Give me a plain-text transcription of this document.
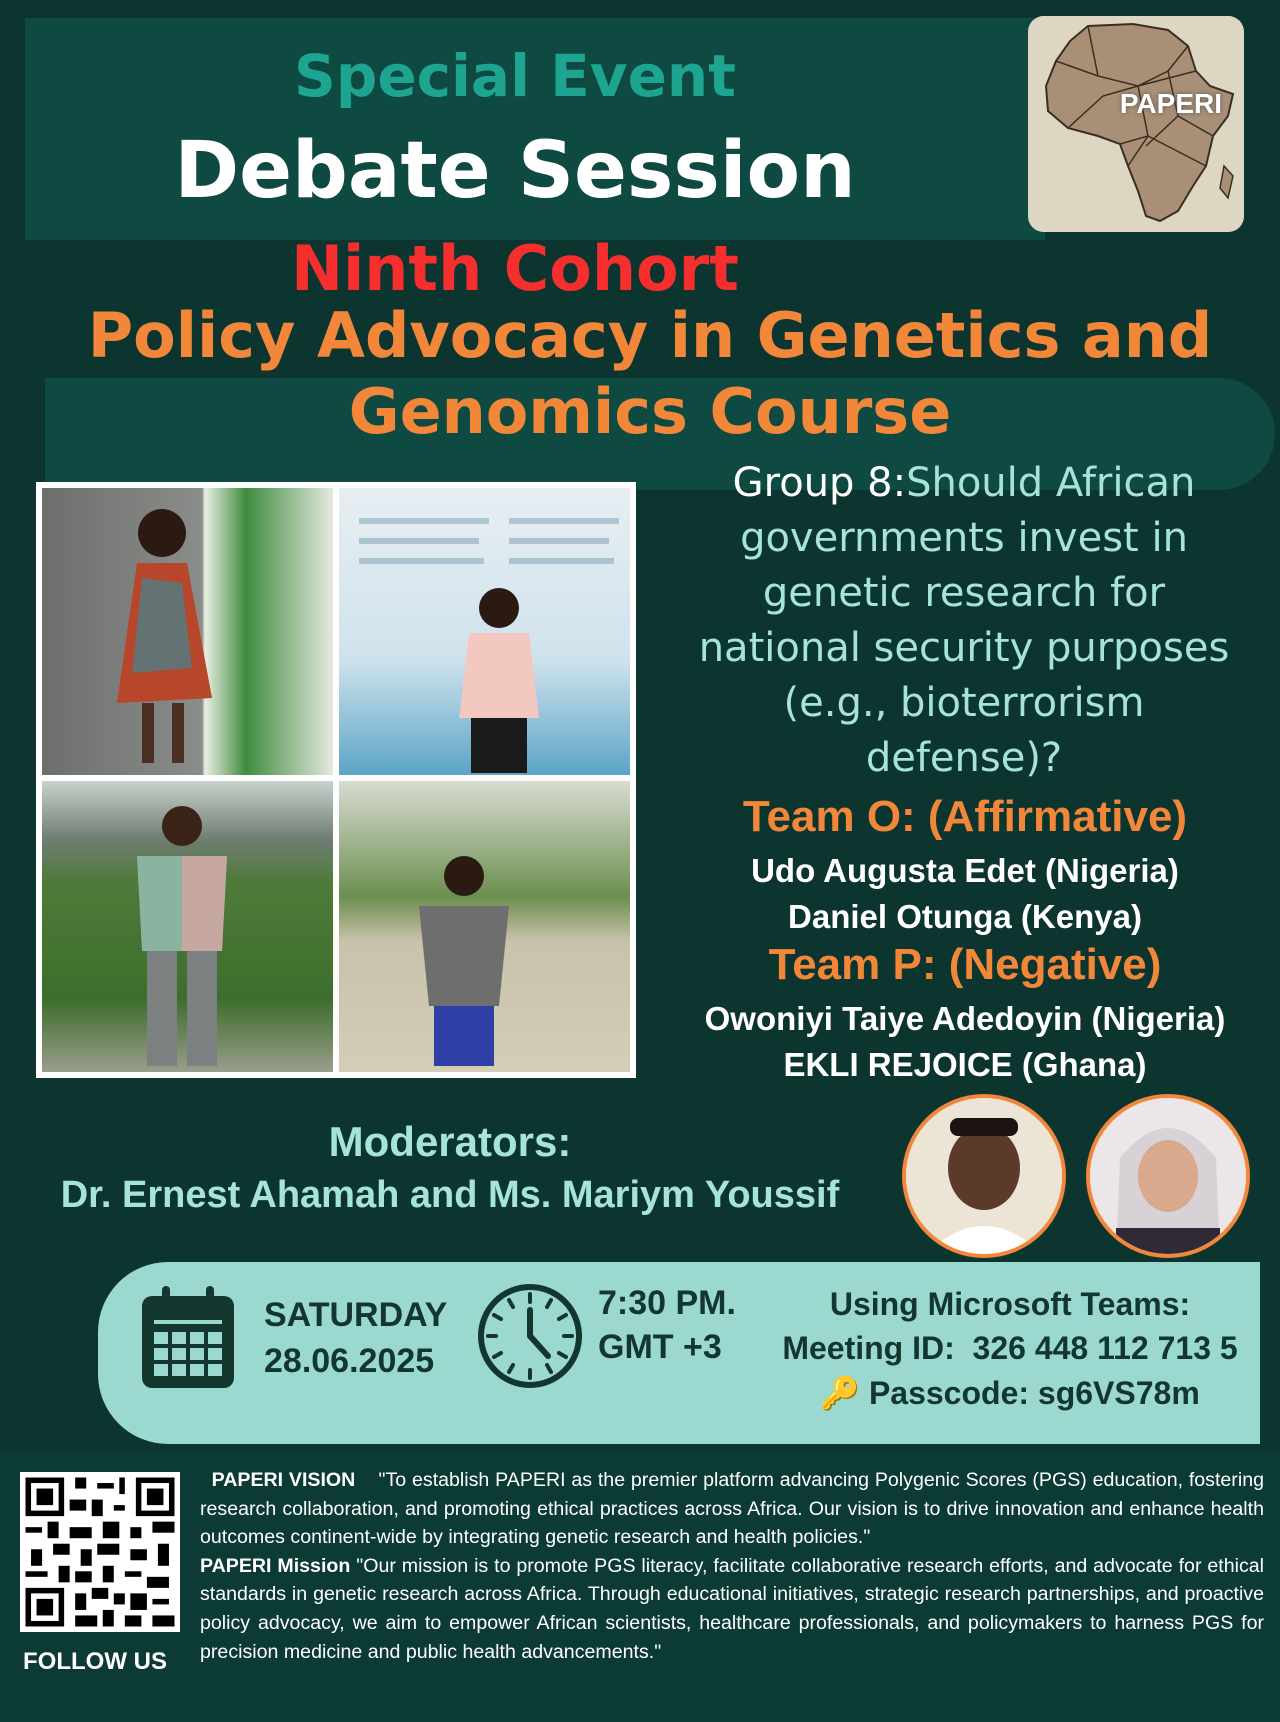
Special Event
Debate Session
Ninth Cohort
Policy Advocacy in Genetics and
Genomics Course
PAPERI
Group 8:Should African
governments invest in
genetic research for
national security purposes
(e.g., bioterrorism
defense)?
Team O: (Affirmative)
Udo Augusta Edet (Nigeria)
Daniel Otunga (Kenya)
Team P: (Negative)
Owoniyi Taiye Adedoyin (Nigeria)
EKLI REJOICE (Ghana)
Moderators:
Dr. Ernest Ahamah and Ms. Mariym Youssif
SATURDAY
28.06.2025
7:30 PM.
GMT +3
Using Microsoft Teams:
Meeting ID:  326 448 112 713 5
🔑 Passcode: sg6VS78m
FOLLOW US
PAPERI VISION "To establish PAPERI as the premier platform advancing Polygenic Scores (PGS) education, fostering research collaboration, and promoting ethical practices across Africa. Our vision is to drive innovation and enhance health outcomes continent-wide by integrating genetic research and health policies."
PAPERI Mission "Our mission is to promote PGS literacy, facilitate collaborative research efforts, and advocate for ethical standards in genetic research across Africa. Through educational initiatives, strategic research partnerships, and proactive policy advocacy, we aim to empower African scientists, healthcare professionals, and policymakers to harness PGS for precision medicine and public health advancements."
